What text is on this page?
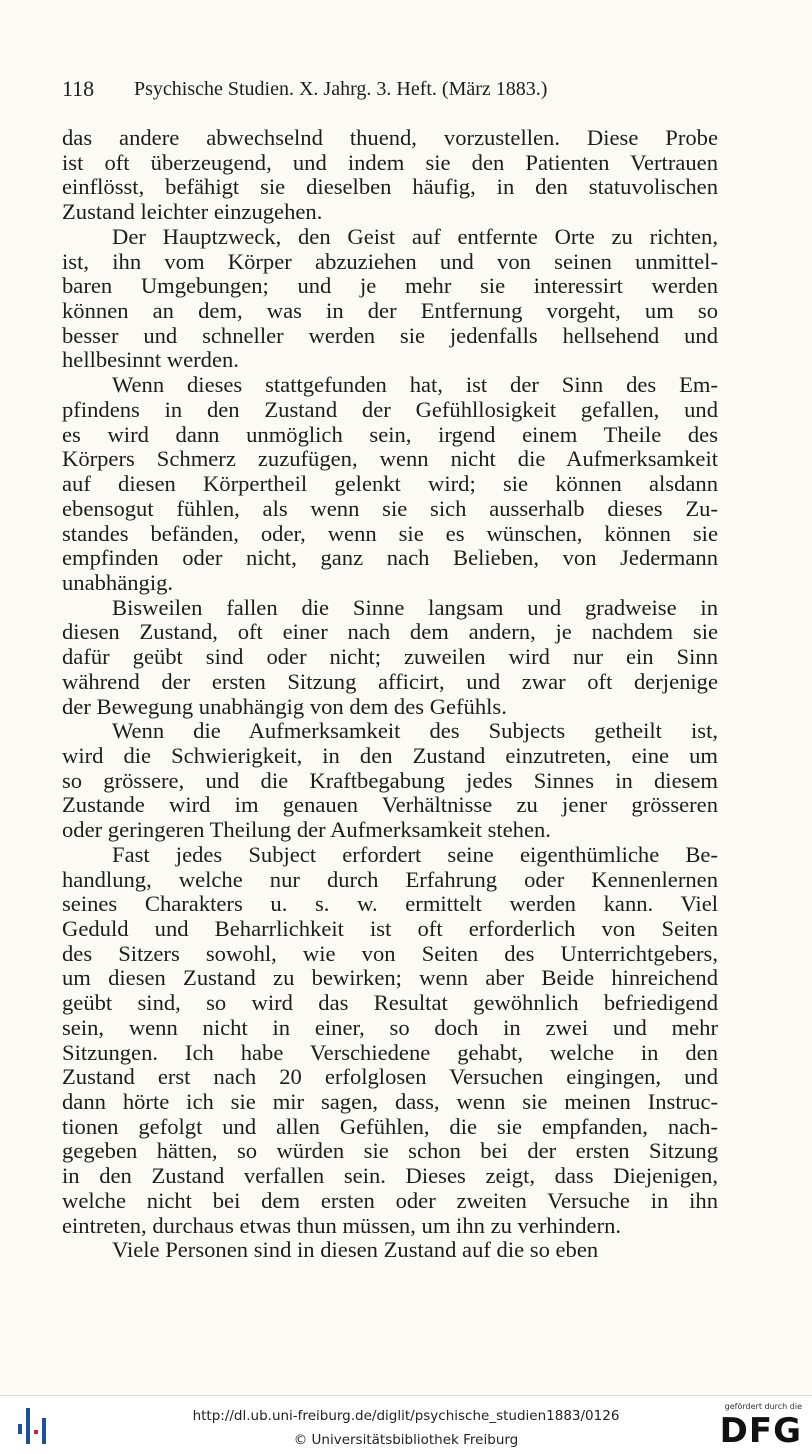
118 Psychische Studien. X. Jahrg. 3. Heft. (März 1883.)
das andere abwechselnd thuend, vorzustellen. Diese Probe
ist oft überzeugend, und indem sie den Patienten Vertrauen
einflösst, befähigt sie dieselben häufig, in den statuvolischen
Zustand leichter einzugehen.
Der Hauptzweck, den Geist auf entfernte Orte zu richten,
ist, ihn vom Körper abzuziehen und von seinen unmittel-
baren Umgebungen; und je mehr sie interessirt werden
können an dem, was in der Entfernung vorgeht, um so
besser und schneller werden sie jedenfalls hellsehend und
hellbesinnt werden.
Wenn dieses stattgefunden hat, ist der Sinn des Em-
pfindens in den Zustand der Gefühllosigkeit gefallen, und
es wird dann unmöglich sein, irgend einem Theile des
Körpers Schmerz zuzufügen, wenn nicht die Aufmerksamkeit
auf diesen Körpertheil gelenkt wird; sie können alsdann
ebensogut fühlen, als wenn sie sich ausserhalb dieses Zu-
standes befänden, oder, wenn sie es wünschen, können sie
empfinden oder nicht, ganz nach Belieben, von Jedermann
unabhängig.
Bisweilen fallen die Sinne langsam und gradweise in
diesen Zustand, oft einer nach dem andern, je nachdem sie
dafür geübt sind oder nicht; zuweilen wird nur ein Sinn
während der ersten Sitzung afficirt, und zwar oft derjenige
der Bewegung unabhängig von dem des Gefühls.
Wenn die Aufmerksamkeit des Subjects getheilt ist,
wird die Schwierigkeit, in den Zustand einzutreten, eine um
so grössere, und die Kraftbegabung jedes Sinnes in diesem
Zustande wird im genauen Verhältnisse zu jener grösseren
oder geringeren Theilung der Aufmerksamkeit stehen.
Fast jedes Subject erfordert seine eigenthümliche Be-
handlung, welche nur durch Erfahrung oder Kennenlernen
seines Charakters u. s. w. ermittelt werden kann. Viel
Geduld und Beharrlichkeit ist oft erforderlich von Seiten
des Sitzers sowohl, wie von Seiten des Unterrichtgebers,
um diesen Zustand zu bewirken; wenn aber Beide hinreichend
geübt sind, so wird das Resultat gewöhnlich befriedigend
sein, wenn nicht in einer, so doch in zwei und mehr
Sitzungen. Ich habe Verschiedene gehabt, welche in den
Zustand erst nach 20 erfolglosen Versuchen eingingen, und
dann hörte ich sie mir sagen, dass, wenn sie meinen Instruc-
tionen gefolgt und allen Gefühlen, die sie empfanden, nach-
gegeben hätten, so würden sie schon bei der ersten Sitzung
in den Zustand verfallen sein. Dieses zeigt, dass Diejenigen,
welche nicht bei dem ersten oder zweiten Versuche in ihn
eintreten, durchaus etwas thun müssen, um ihn zu verhindern.
Viele Personen sind in diesen Zustand auf die so eben
http://dl.ub.uni-freiburg.de/diglit/psychische_studien1883/0126
© Universitätsbibliothek Freiburg
gefördert durch die
DFG
